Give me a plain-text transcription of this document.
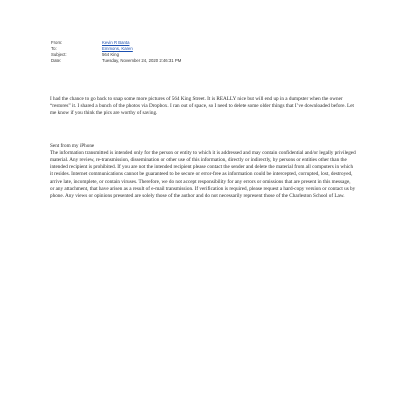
From:	Kevin R Banta
To:	Emmons, Karen
Subject:	564 King
Date:	Tuesday, November 24, 2020 2:46:31 PM

I had the chance to go back to snap some more pictures of 564 King Street. It is REALLY nice but will end up in a dumpster when the owner “restores” it. I shared a bunch of the photos via Dropbox. I ran out of space, so I need to delete some older things that I’ve downloaded before. Let me know if you think the pics are worthy of saving.

Sent from my iPhone

The information transmitted is intended only for the person or entity to which it is addressed and may contain confidential and/or legally privileged material. Any review, re-transmission, dissemination or other use of this information, directly or indirectly, by persons or entities other than the intended recipient is prohibited. If you are not the intended recipient please contact the sender and delete the material from all computers in which it resides. Internet communications cannot be guaranteed to be secure or error-free as information could be intercepted, corrupted, lost, destroyed, arrive late, incomplete, or contain viruses. Therefore, we do not accept responsibility for any errors or omissions that are present in this message, or any attachment, that have arisen as a result of e-mail transmission. If verification is required, please request a hard-copy version or contact us by phone. Any views or opinions presented are solely those of the author and do not necessarily represent those of the Charleston School of Law.
